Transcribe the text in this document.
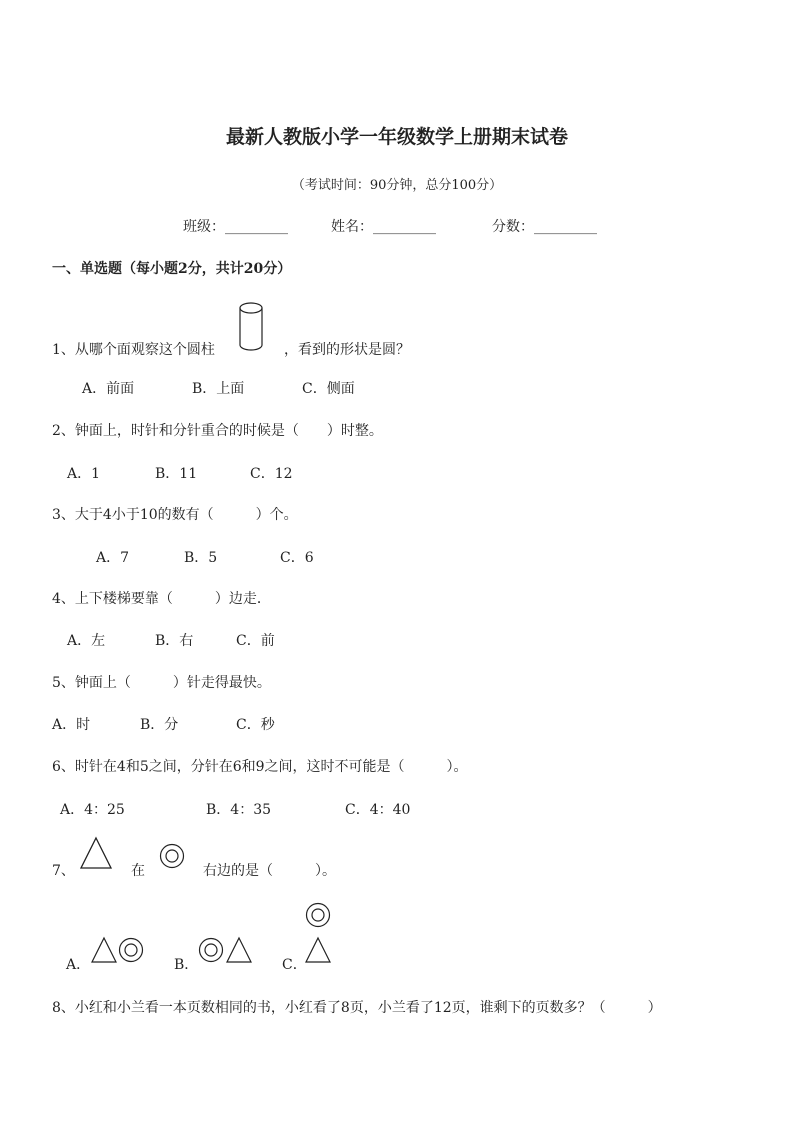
最新人教版小学一年级数学上册期末试卷
（考试时间：90分钟，总分100分）
班级：_________	姓名：_________	分数：_________
一、单选题（每小题2分，共计20分）
1、从哪个面观察这个圆柱	，看到的形状是圆？
A．前面	B．上面	C．侧面
2、钟面上，时针和分针重合的时候是（　　）时整。
A．1	B．11	C．12
3、大于4小于10的数有（　　　）个。
A．7	B．5	C．6
4、上下楼梯要靠（　　　）边走．
A．左	B．右	C．前
5、钟面上（　　　）针走得最快。
A．时	B．分	C．秒
6、时针在4和5之间，分针在6和9之间，这时不可能是（　　　）。
A．4：25	B．4：35	C．4：40
7、	在	右边的是（　　　）。
A．	B．	C．
8、小红和小兰看一本页数相同的书，小红看了8页，小兰看了12页，谁剩下的页数多？（　　　）
